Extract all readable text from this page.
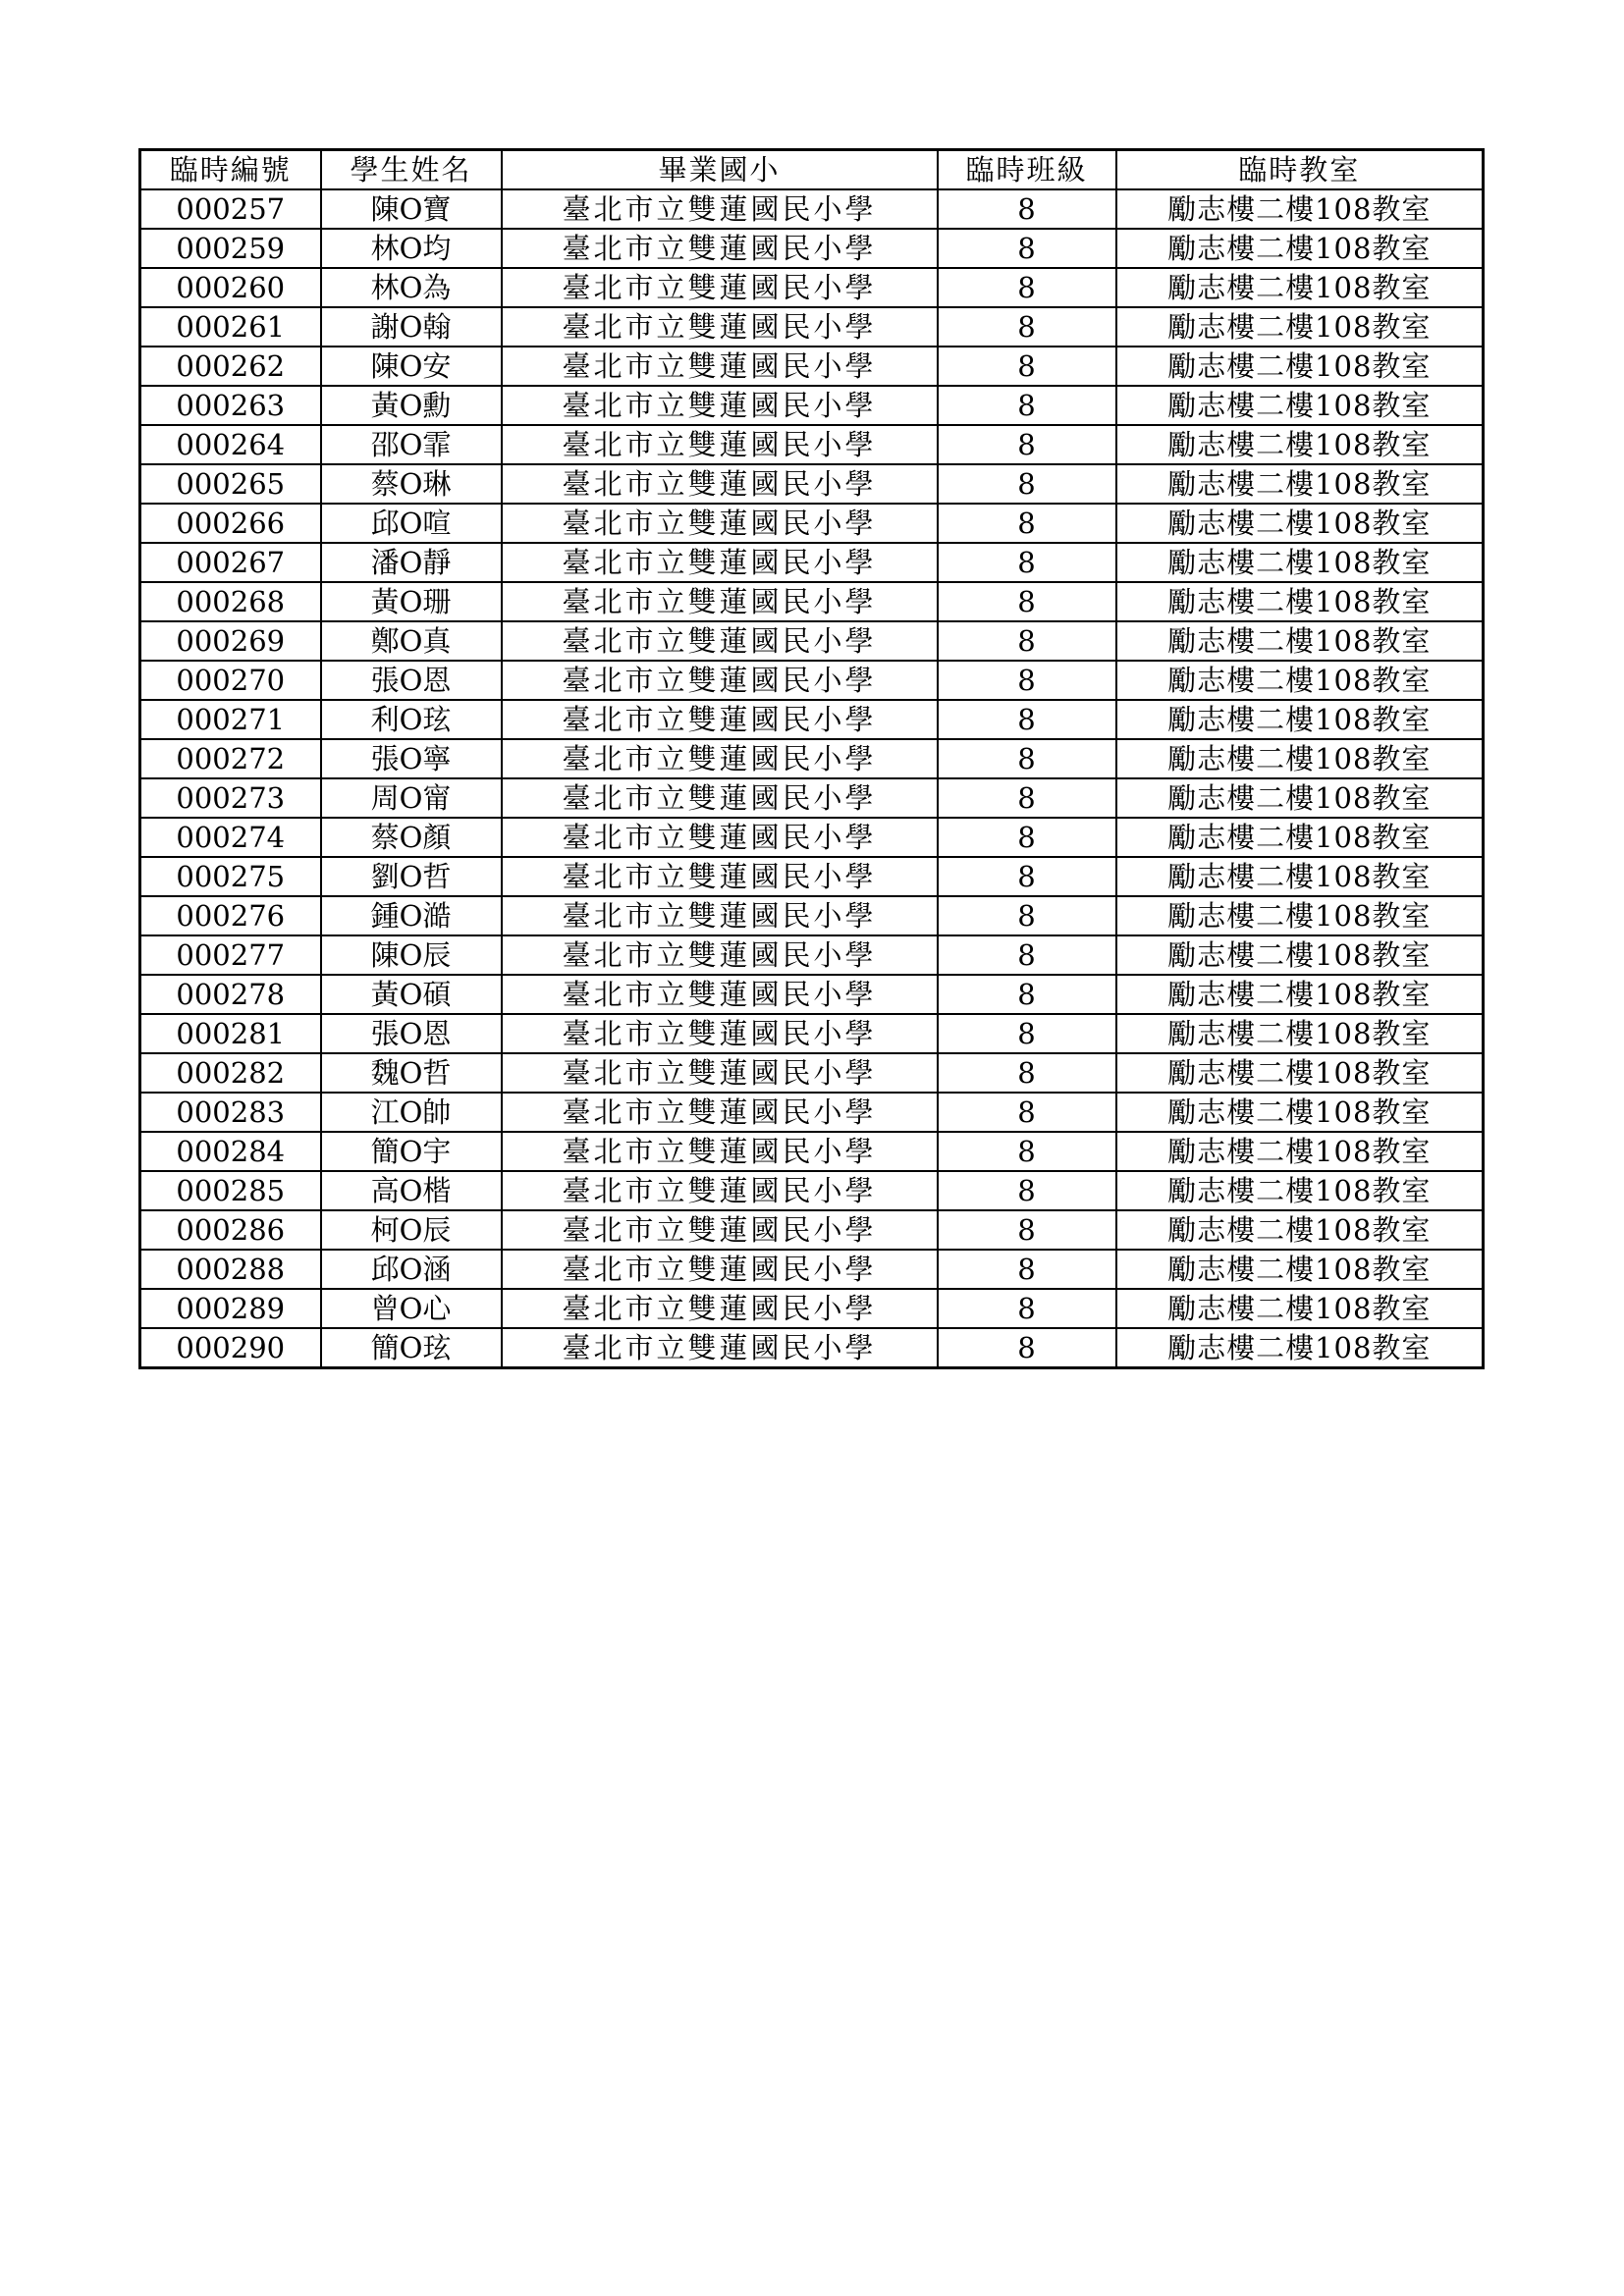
臨時編號	學生姓名	畢業國小	臨時班級	臨時教室
000257	陳O寶	臺北市立雙蓮國民小學	8	勵志樓二樓108教室
000259	林O均	臺北市立雙蓮國民小學	8	勵志樓二樓108教室
000260	林O為	臺北市立雙蓮國民小學	8	勵志樓二樓108教室
000261	謝O翰	臺北市立雙蓮國民小學	8	勵志樓二樓108教室
000262	陳O安	臺北市立雙蓮國民小學	8	勵志樓二樓108教室
000263	黃O勳	臺北市立雙蓮國民小學	8	勵志樓二樓108教室
000264	邵O霏	臺北市立雙蓮國民小學	8	勵志樓二樓108教室
000265	蔡O琳	臺北市立雙蓮國民小學	8	勵志樓二樓108教室
000266	邱O喧	臺北市立雙蓮國民小學	8	勵志樓二樓108教室
000267	潘O靜	臺北市立雙蓮國民小學	8	勵志樓二樓108教室
000268	黃O珊	臺北市立雙蓮國民小學	8	勵志樓二樓108教室
000269	鄭O真	臺北市立雙蓮國民小學	8	勵志樓二樓108教室
000270	張O恩	臺北市立雙蓮國民小學	8	勵志樓二樓108教室
000271	利O玹	臺北市立雙蓮國民小學	8	勵志樓二樓108教室
000272	張O寧	臺北市立雙蓮國民小學	8	勵志樓二樓108教室
000273	周O甯	臺北市立雙蓮國民小學	8	勵志樓二樓108教室
000274	蔡O顏	臺北市立雙蓮國民小學	8	勵志樓二樓108教室
000275	劉O哲	臺北市立雙蓮國民小學	8	勵志樓二樓108教室
000276	鍾O澔	臺北市立雙蓮國民小學	8	勵志樓二樓108教室
000277	陳O辰	臺北市立雙蓮國民小學	8	勵志樓二樓108教室
000278	黃O碩	臺北市立雙蓮國民小學	8	勵志樓二樓108教室
000281	張O恩	臺北市立雙蓮國民小學	8	勵志樓二樓108教室
000282	魏O哲	臺北市立雙蓮國民小學	8	勵志樓二樓108教室
000283	江O帥	臺北市立雙蓮國民小學	8	勵志樓二樓108教室
000284	簡O宇	臺北市立雙蓮國民小學	8	勵志樓二樓108教室
000285	高O楷	臺北市立雙蓮國民小學	8	勵志樓二樓108教室
000286	柯O辰	臺北市立雙蓮國民小學	8	勵志樓二樓108教室
000288	邱O涵	臺北市立雙蓮國民小學	8	勵志樓二樓108教室
000289	曾O心	臺北市立雙蓮國民小學	8	勵志樓二樓108教室
000290	簡O玹	臺北市立雙蓮國民小學	8	勵志樓二樓108教室
